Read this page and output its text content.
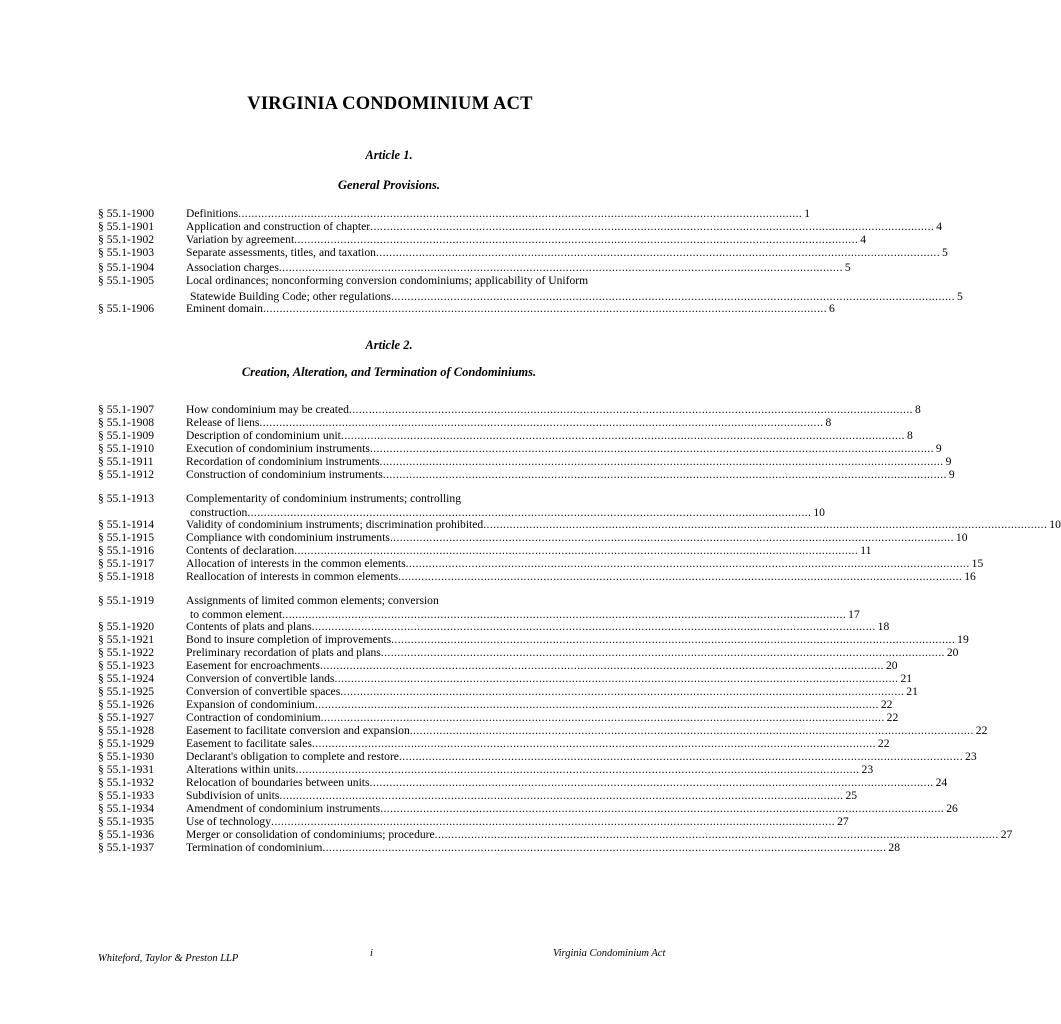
VIRGINIA CONDOMINIUM ACT
Article 1.
General Provisions.
Article 2.
Creation, Alteration, and Termination of Condominiums.
§ 55.1-1900	Definitions ........................................................................................................................................................................... 1
§ 55.1-1901	Application and construction of chapter ........................................................................................................................................................................... 4
§ 55.1-1902	Variation by agreement ........................................................................................................................................................................... 4
§ 55.1-1903	Separate assessments, titles, and taxation ........................................................................................................................................................................... 5
§ 55.1-1904	Association charges ........................................................................................................................................................................... 5
§ 55.1-1905	Local ordinances; nonconforming conversion condominiums; applicability of Uniform
Statewide Building Code; other regulations ........................................................................................................................................................................... 5
§ 55.1-1906	Eminent domain ........................................................................................................................................................................... 6
§ 55.1-1907	How condominium may be created ........................................................................................................................................................................... 8
§ 55.1-1908	Release of liens ........................................................................................................................................................................... 8
§ 55.1-1909	Description of condominium unit ........................................................................................................................................................................... 8
§ 55.1-1910	Execution of condominium instruments ........................................................................................................................................................................... 9
§ 55.1-1911	Recordation of condominium instruments ........................................................................................................................................................................... 9
§ 55.1-1912	Construction of condominium instruments ........................................................................................................................................................................... 9
§ 55.1-1913	Complementarity of condominium instruments; controlling
construction ........................................................................................................................................................................... 10
§ 55.1-1914	Validity of condominium instruments; discrimination prohibited ........................................................................................................................................................................... 10
§ 55.1-1915	Compliance with condominium instruments ........................................................................................................................................................................... 10
§ 55.1-1916	Contents of declaration ........................................................................................................................................................................... 11
§ 55.1-1917	Allocation of interests in the common elements ........................................................................................................................................................................... 15
§ 55.1-1918	Reallocation of interests in common elements ........................................................................................................................................................................... 16
§ 55.1-1919	Assignments of limited common elements; conversion
to common element ........................................................................................................................................................................... 17
§ 55.1-1920	Contents of plats and plans ........................................................................................................................................................................... 18
§ 55.1-1921	Bond to insure completion of improvements ........................................................................................................................................................................... 19
§ 55.1-1922	Preliminary recordation of plats and plans ........................................................................................................................................................................... 20
§ 55.1-1923	Easement for encroachments ........................................................................................................................................................................... 20
§ 55.1-1924	Conversion of convertible lands ........................................................................................................................................................................... 21
§ 55.1-1925	Conversion of convertible spaces ........................................................................................................................................................................... 21
§ 55.1-1926	Expansion of condominium ........................................................................................................................................................................... 22
§ 55.1-1927	Contraction of condominium ........................................................................................................................................................................... 22
§ 55.1-1928	Easement to facilitate conversion and expansion ........................................................................................................................................................................... 22
§ 55.1-1929	Easement to facilitate sales ........................................................................................................................................................................... 22
§ 55.1-1930	Declarant's obligation to complete and restore ........................................................................................................................................................................... 23
§ 55.1-1931	Alterations within units ........................................................................................................................................................................... 23
§ 55.1-1932	Relocation of boundaries between units ........................................................................................................................................................................... 24
§ 55.1-1933	Subdivision of units ........................................................................................................................................................................... 25
§ 55.1-1934	Amendment of condominium instruments ........................................................................................................................................................................... 26
§ 55.1-1935	Use of technology ........................................................................................................................................................................... 27
§ 55.1-1936	Merger or consolidation of condominiums; procedure ........................................................................................................................................................................... 27
§ 55.1-1937	Termination of condominium ........................................................................................................................................................................... 28
Whiteford, Taylor & Preston LLP	i	Virginia Condominium Act
